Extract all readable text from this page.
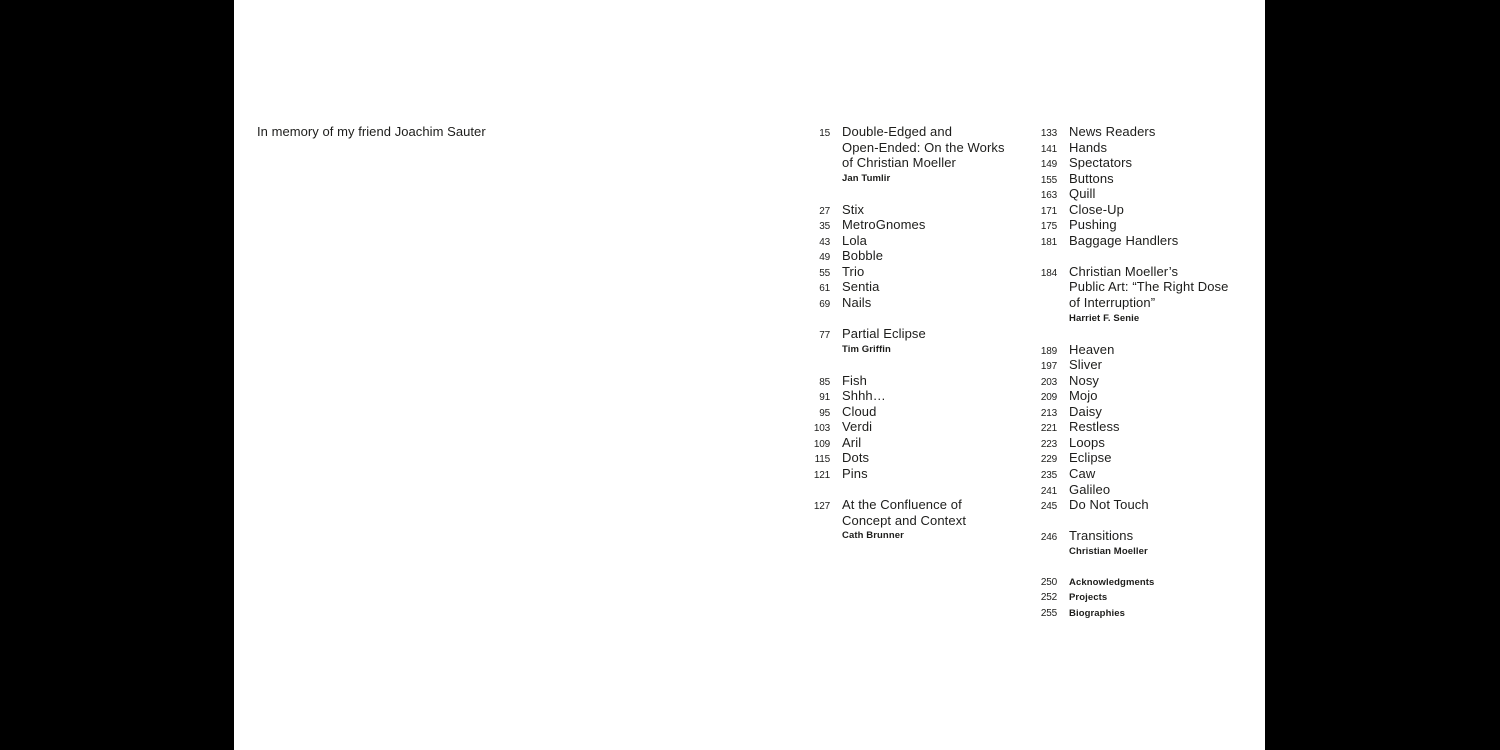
In memory of my friend Joachim Sauter	15 Double-Edged and
Open-Ended: On the Works
of Christian Moeller
Jan Tumlir
27 Stix
35 MetroGnomes
43 Lola
49 Bobble
55 Trio
61 Sentia
69 Nails
77 Partial Eclipse
Tim Griffin
85 Fish
91 Shhh…
95 Cloud
103 Verdi
109 Aril
115 Dots
121 Pins
127 At the Confluence of
Concept and Context
Cath Brunner
133 News Readers
141 Hands
149 Spectators
155 Buttons
163 Quill
171 Close-Up
175 Pushing
181 Baggage Handlers
184 Christian Moeller’s
Public Art: “The Right Dose
of Interruption”
Harriet F. Senie
189 Heaven
197 Sliver
203 Nosy
209 Mojo
213 Daisy
221 Restless
223 Loops
229 Eclipse
235 Caw
241 Galileo
245 Do Not Touch
246 Transitions
Christian Moeller
250 Acknowledgments
252 Projects
255 Biographies
